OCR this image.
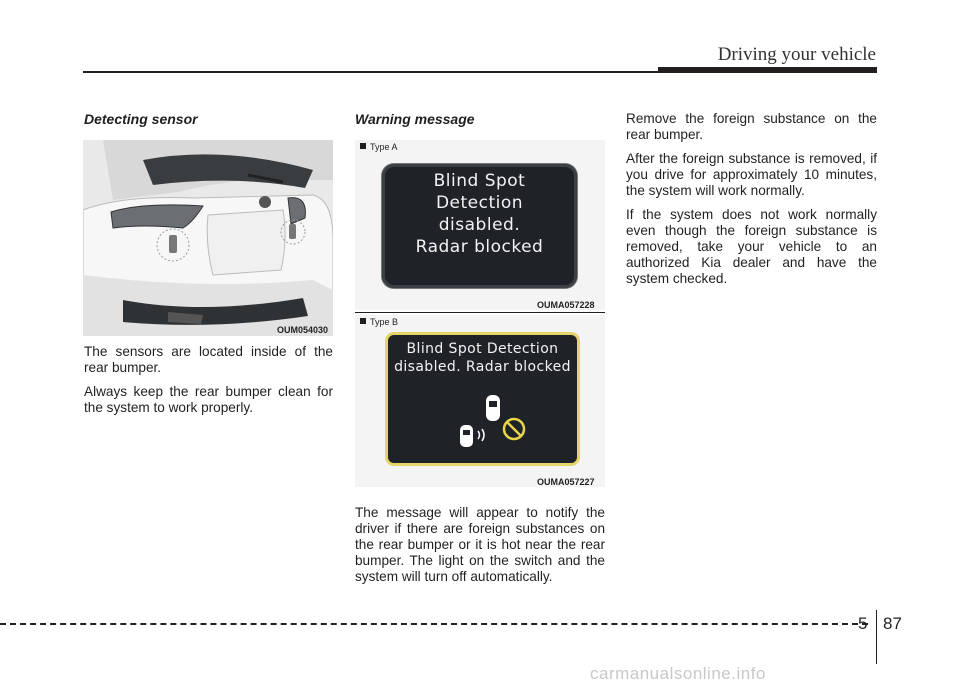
Driving your vehicle
Detecting sensor
OUM054030

The sensors are located inside of the rear bumper.

Always keep the rear bumper clean for the system to work properly.

Warning message
Type A
Blind Spot
Detection
disabled.
Radar blocked
OUMA057228
Type B
Blind Spot Detection
disabled. Radar blocked
OUMA057227

The message will appear to notify the driver if there are foreign substances on the rear bumper or it is hot near the rear bumper. The light on the switch and the system will turn off automatically.

Remove the foreign substance on the rear bumper.

After the foreign substance is removed, if you drive for approximately 10 minutes, the system will work normally.

If the system does not work normally even though the foreign substance is removed, take your vehicle to an authorized Kia dealer and have the system checked.

5 87
carmanualsonline.info
